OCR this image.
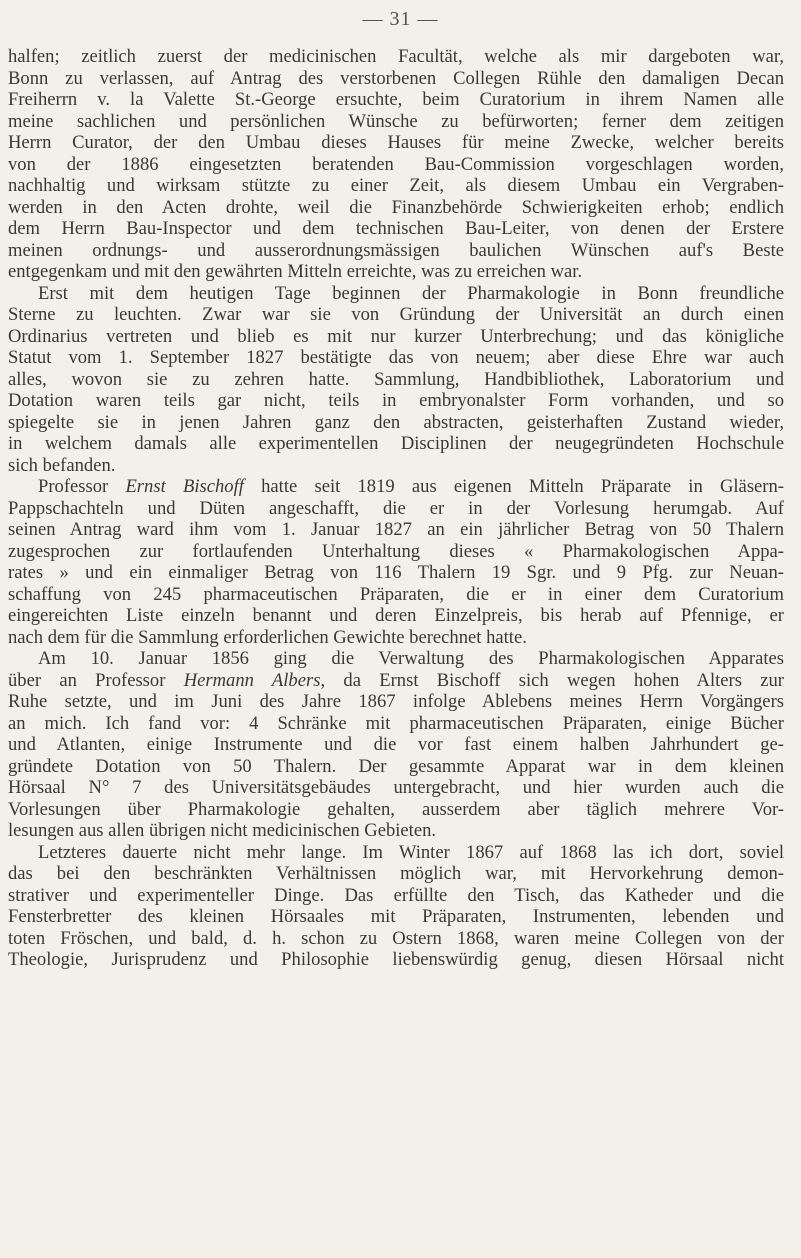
— 31 —
halfen; zeitlich zuerst der medicinischen Facultät, welche als mir dargeboten war,
Bonn zu verlassen, auf Antrag des verstorbenen Collegen Rühle den damaligen Decan
Freiherrn v. la Valette St.-George ersuchte, beim Curatorium in ihrem Namen alle
meine sachlichen und persönlichen Wünsche zu befürworten; ferner dem zeitigen
Herrn Curator, der den Umbau dieses Hauses für meine Zwecke, welcher bereits
von der 1886 eingesetzten beratenden Bau-Commission vorgeschlagen worden,
nachhaltig und wirksam stützte zu einer Zeit, als diesem Umbau ein Vergraben-
werden in den Acten drohte, weil die Finanzbehörde Schwierigkeiten erhob; endlich
dem Herrn Bau-Inspector und dem technischen Bau-Leiter, von denen der Erstere
meinen ordnungs- und ausserordnungsmässigen baulichen Wünschen auf's Beste
entgegenkam und mit den gewährten Mitteln erreichte, was zu erreichen war.
Erst mit dem heutigen Tage beginnen der Pharmakologie in Bonn freundliche
Sterne zu leuchten. Zwar war sie von Gründung der Universität an durch einen
Ordinarius vertreten und blieb es mit nur kurzer Unterbrechung; und das königliche
Statut vom 1. September 1827 bestätigte das von neuem; aber diese Ehre war auch
alles, wovon sie zu zehren hatte. Sammlung, Handbibliothek, Laboratorium und
Dotation waren teils gar nicht, teils in embryonalster Form vorhanden, und so
spiegelte sie in jenen Jahren ganz den abstracten, geisterhaften Zustand wieder,
in welchem damals alle experimentellen Disciplinen der neugegründeten Hochschule
sich befanden.
Professor Ernst Bischoff hatte seit 1819 aus eigenen Mitteln Präparate in Gläsern-
Pappschachteln und Düten angeschafft, die er in der Vorlesung herumgab. Auf
seinen Antrag ward ihm vom 1. Januar 1827 an ein jährlicher Betrag von 50 Thalern
zugesprochen zur fortlaufenden Unterhaltung dieses « Pharmakologischen Appa-
rates » und ein einmaliger Betrag von 116 Thalern 19 Sgr. und 9 Pfg. zur Neuan-
schaffung von 245 pharmaceutischen Präparaten, die er in einer dem Curatorium
eingereichten Liste einzeln benannt und deren Einzelpreis, bis herab auf Pfennige, er
nach dem für die Sammlung erforderlichen Gewichte berechnet hatte.
Am 10. Januar 1856 ging die Verwaltung des Pharmakologischen Apparates
über an Professor Hermann Albers, da Ernst Bischoff sich wegen hohen Alters zur
Ruhe setzte, und im Juni des Jahre 1867 infolge Ablebens meines Herrn Vorgängers
an mich. Ich fand vor: 4 Schränke mit pharmaceutischen Präparaten, einige Bücher
und Atlanten, einige Instrumente und die vor fast einem halben Jahrhundert ge-
gründete Dotation von 50 Thalern. Der gesammte Apparat war in dem kleinen
Hörsaal N° 7 des Universitätsgebäudes untergebracht, und hier wurden auch die
Vorlesungen über Pharmakologie gehalten, ausserdem aber täglich mehrere Vor-
lesungen aus allen übrigen nicht medicinischen Gebieten.
Letzteres dauerte nicht mehr lange. Im Winter 1867 auf 1868 las ich dort, soviel
das bei den beschränkten Verhältnissen möglich war, mit Hervorkehrung demon-
strativer und experimenteller Dinge. Das erfüllte den Tisch, das Katheder und die
Fensterbretter des kleinen Hörsaales mit Präparaten, Instrumenten, lebenden und
toten Fröschen, und bald, d. h. schon zu Ostern 1868, waren meine Collegen von der
Theologie, Jurisprudenz und Philosophie liebenswürdig genug, diesen Hörsaal nicht
